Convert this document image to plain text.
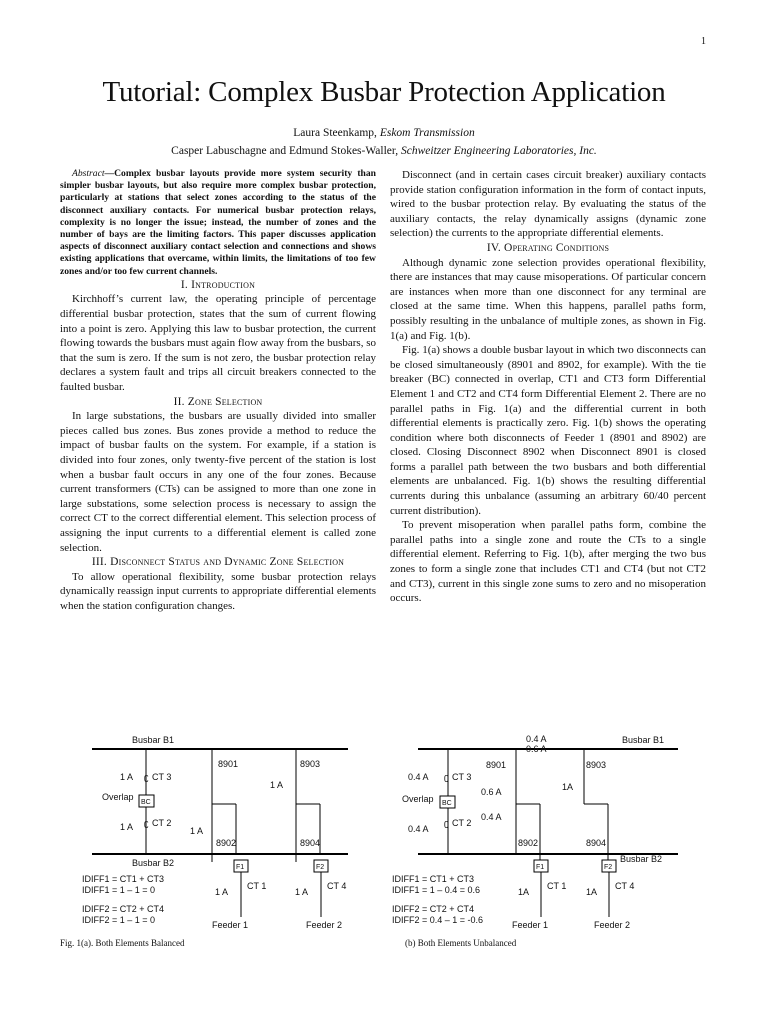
1
Tutorial: Complex Busbar Protection Application
Laura Steenkamp, Eskom Transmission
Casper Labuschagne and Edmund Stokes-Waller, Schweitzer Engineering Laboratories, Inc.

Abstract—Complex busbar layouts provide more system security than simpler busbar layouts, but also require more complex busbar protection, particularly at stations that select zones according to the status of the disconnect auxiliary contacts. For numerical busbar protection relays, complexity is no longer the issue; instead, the number of zones and the number of bays are the limiting factors. This paper discusses application aspects of disconnect auxiliary contact selection and connections and shows existing applications that overcame, within limits, the limitations of too few zones and/or too few current channels.

I. Introduction

Kirchhoff’s current law, the operating principle of percentage differential busbar protection, states that the sum of current flowing into a point is zero. Applying this law to busbar protection, the current flowing towards the busbars must again flow away from the busbars, so that the sum is zero. If the sum is not zero, the busbar protection relay declares a system fault and trips all circuit breakers connected to the faulted busbar.

II. Zone Selection

In large substations, the busbars are usually divided into smaller pieces called bus zones. Bus zones provide a method to reduce the impact of busbar faults on the system. For example, if a station is divided into four zones, only twenty-five percent of the station is lost when a busbar fault occurs in any one of the four zones. Because current transformers (CTs) can be assigned to more than one zone in large substations, some selection process is necessary to assign the correct CT to the correct differential element. This selection process of assigning the input currents to a differential element is called zone selection.

III. Disconnect Status and Dynamic Zone Selection

To allow operational flexibility, some busbar protection relays dynamically reassign input currents to appropriate differential elements when the station configuration changes.

Disconnect (and in certain cases circuit breaker) auxiliary contacts provide station configuration information in the form of contact inputs, wired to the busbar protection relay. By evaluating the status of the auxiliary contacts, the relay dynamically assigns (dynamic zone selection) the currents to the appropriate differential elements.

IV. Operating Conditions

Although dynamic zone selection provides operational flexibility, there are instances that may cause misoperations. Of particular concern are instances when more than one disconnect for any terminal are closed at the same time. When this happens, parallel paths form, possibly resulting in the unbalance of multiple zones, as shown in Fig. 1(a) and Fig. 1(b).

Fig. 1(a) shows a double busbar layout in which two disconnects can be closed simultaneously (8901 and 8902, for example). With the tie breaker (BC) connected in overlap, CT1 and CT3 form Differential Element 1 and CT2 and CT4 form Differential Element 2. There are no parallel paths in Fig. 1(a) and the differential current in both differential elements is practically zero. Fig. 1(b) shows the operating condition where both disconnects of Feeder 1 (8901 and 8902) are closed. Closing Disconnect 8902 when Disconnect 8901 is closed forms a parallel path between the two busbars and both differential elements are unbalanced. Fig. 1(b) shows the resulting differential currents during this unbalance (assuming an arbitrary 60/40 percent current distribution).

To prevent misoperation when parallel paths form, combine the parallel paths into a single zone and route the CTs to a single differential element. Referring to Fig. 1(b), after merging the two bus zones to form a single zone that includes CT1 and CT4 (but not CT2 and CT3), current in this single zone sums to zero and no misoperation occurs.

Busbar B1
Busbar B2
CT 3
1 A ʗ
Overlap
BC
CT 2
1 A ʗ
8901
8902
1 A
8903
1 A
8904
F1	F2
CT 1
1 A
CT 4
1 A
Feeder 1	Feeder 2
IDIFF1 = CT1 + CT3
IDIFF1 = 1 – 1 = 0
IDIFF2 = CT2 + CT4
IDIFF2 = 1 – 1 = 0
Fig. 1(a). Both Elements Balanced
Busbar B1
0.4 A
0.6 A
Busbar B2
CT 3
0.4 A ʗ
Overlap BC
CT 2
0.4 A
ʗ
8901
0.6 A
0.4 A
8902
8903
1A
8904
F1	F2
CT 1
1A
CT 4
1A
Feeder 1	Feeder 2
IDIFF1 = CT1 + CT3
IDIFF1 = 1 – 0.4 = 0.6
IDIFF2 = CT2 + CT4
IDIFF2 = 0.4 – 1 = -0.6
(b) Both Elements Unbalanced
